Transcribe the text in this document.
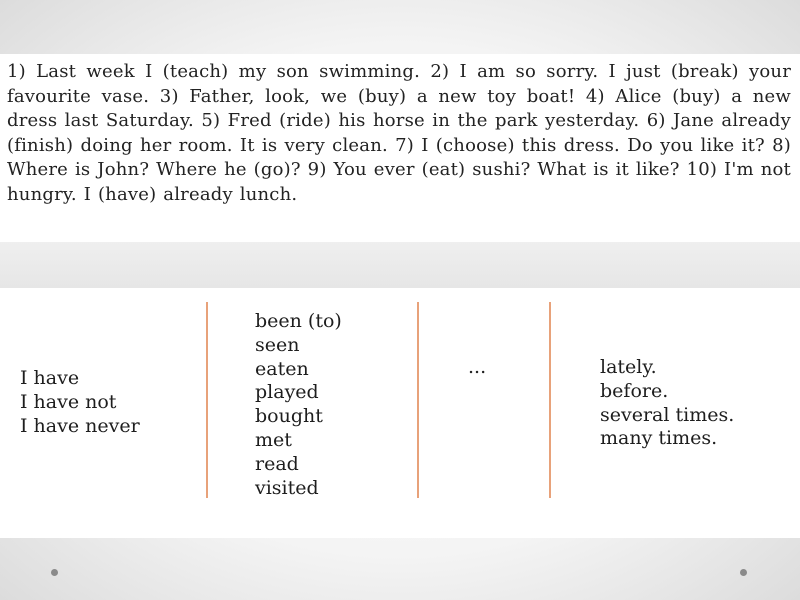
1) Last week I (teach) my son swimming. 2) I am so sorry. I just (break) your favourite vase. 3) Father, look, we (buy) a new toy boat! 4) Alice (buy) a new dress last Saturday. 5) Fred (ride) his horse in the park yesterday. 6) Jane already (finish) doing her room. It is very clean. 7) I (choose) this dress. Do you like it? 8) Where is John? Where he (go)? 9) You ever (eat) sushi? What is it like? 10) I'm not hungry. I (have) already lunch.
I have
I have not
I have never
been (to)
seen
eaten
played
bought
met
read
visited
...	lately.
before.
several times.
many times.
